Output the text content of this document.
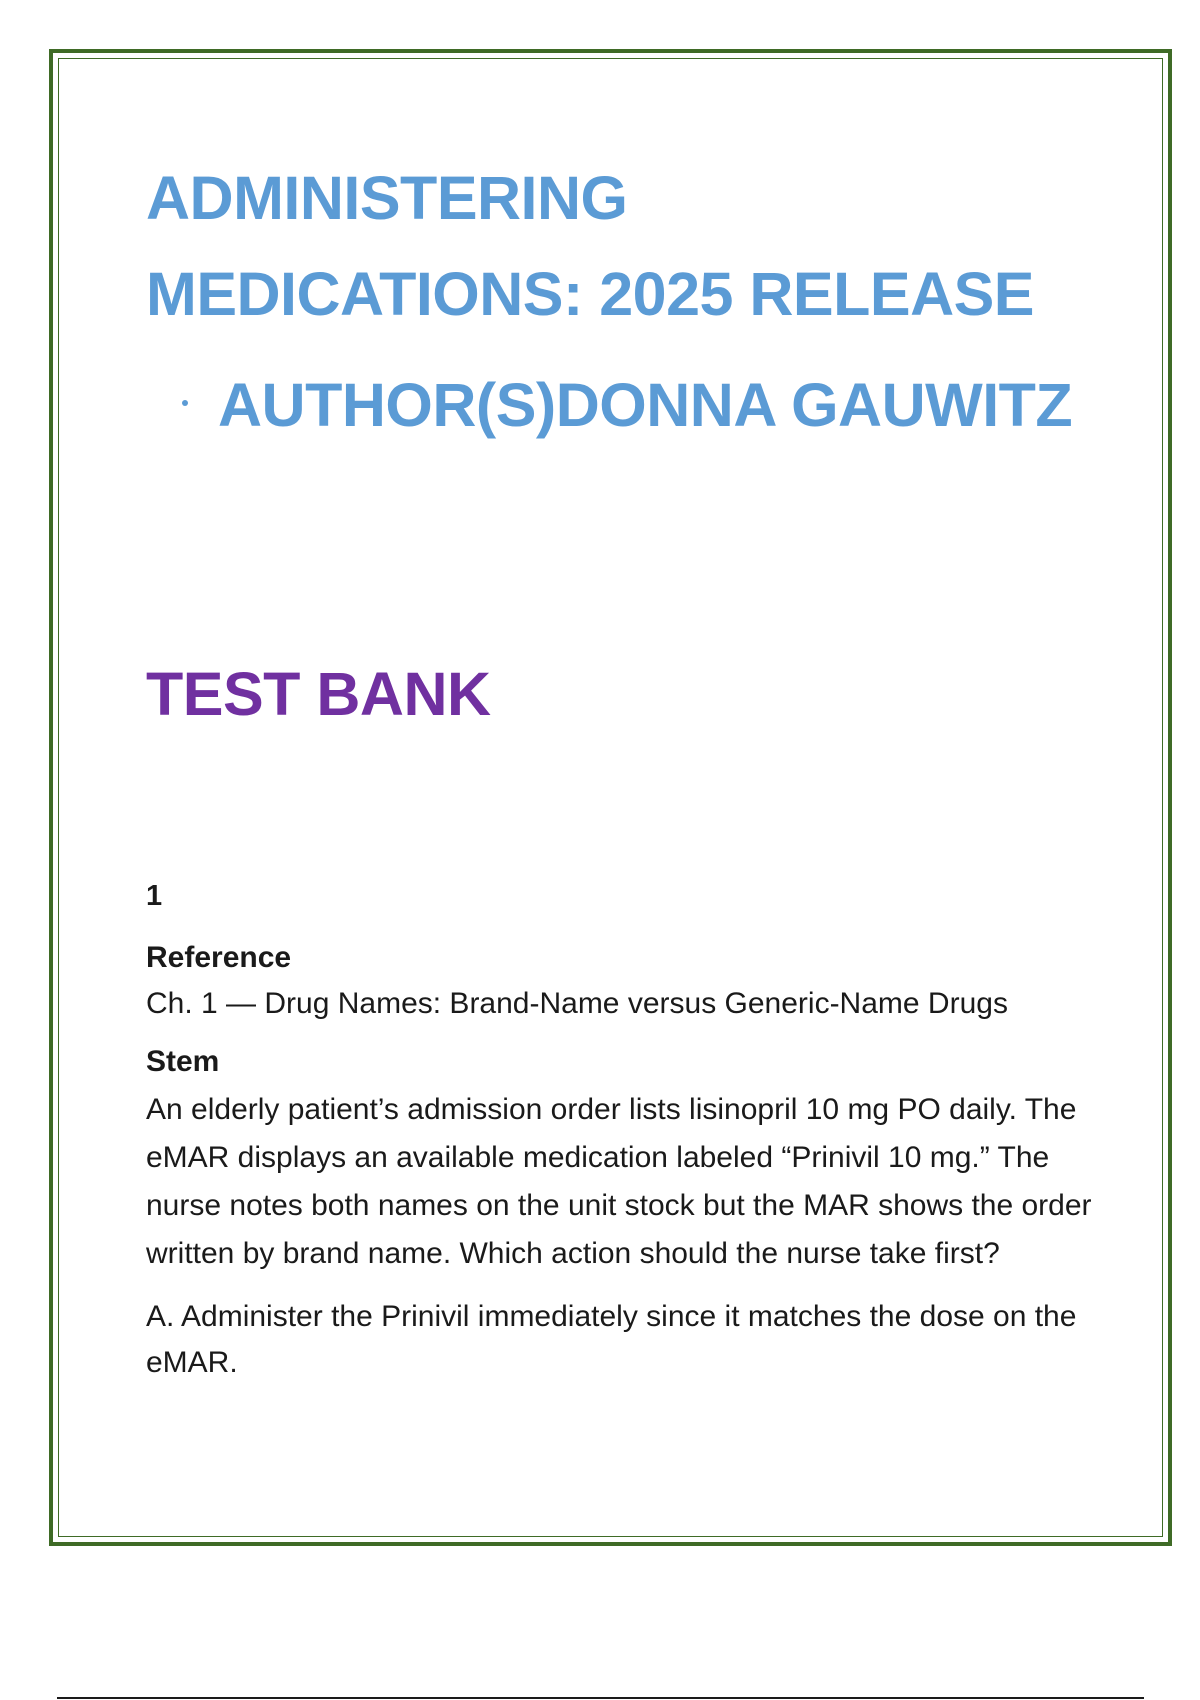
ADMINISTERING MEDICATIONS: 2025 RELEASE
AUTHOR(S)DONNA GAUWITZ
TEST BANK

1

Reference

Ch. 1 — Drug Names: Brand-Name versus Generic-Name Drugs

Stem

An elderly patient’s admission order lists lisinopril 10 mg PO daily. The eMAR displays an available medication labeled “Prinivil 10 mg.” The nurse notes both names on the unit stock but the MAR shows the order written by brand name. Which action should the nurse take first?

A. Administer the Prinivil immediately since it matches the dose on the eMAR.
